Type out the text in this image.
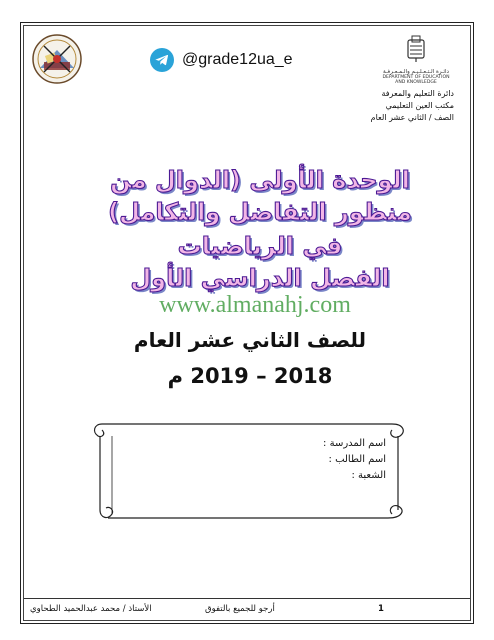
@grade12ua_e
دائـرة الـتـعـلـيـم والـمـعـرفـة
DEPARTMENT OF EDUCATION
AND KNOWLEDGE
دائرة التعليم والمعرفة
مكتب العين التعليمي
الصف / الثاني عشر العام
الوحدة الأولى (الدوال من
منظور التفاضل والتكامل)
في الرياضيات
الفصل الدراسي الأول
www.almanahj.com
للصف الثاني عشر العام
2018 – 2019 م
اسم المدرسة :
اسم الطالب :
الشعبة :
1
أرجو للجميع بالتفوق
الأستاذ / محمد عبدالحميد الطحاوي
